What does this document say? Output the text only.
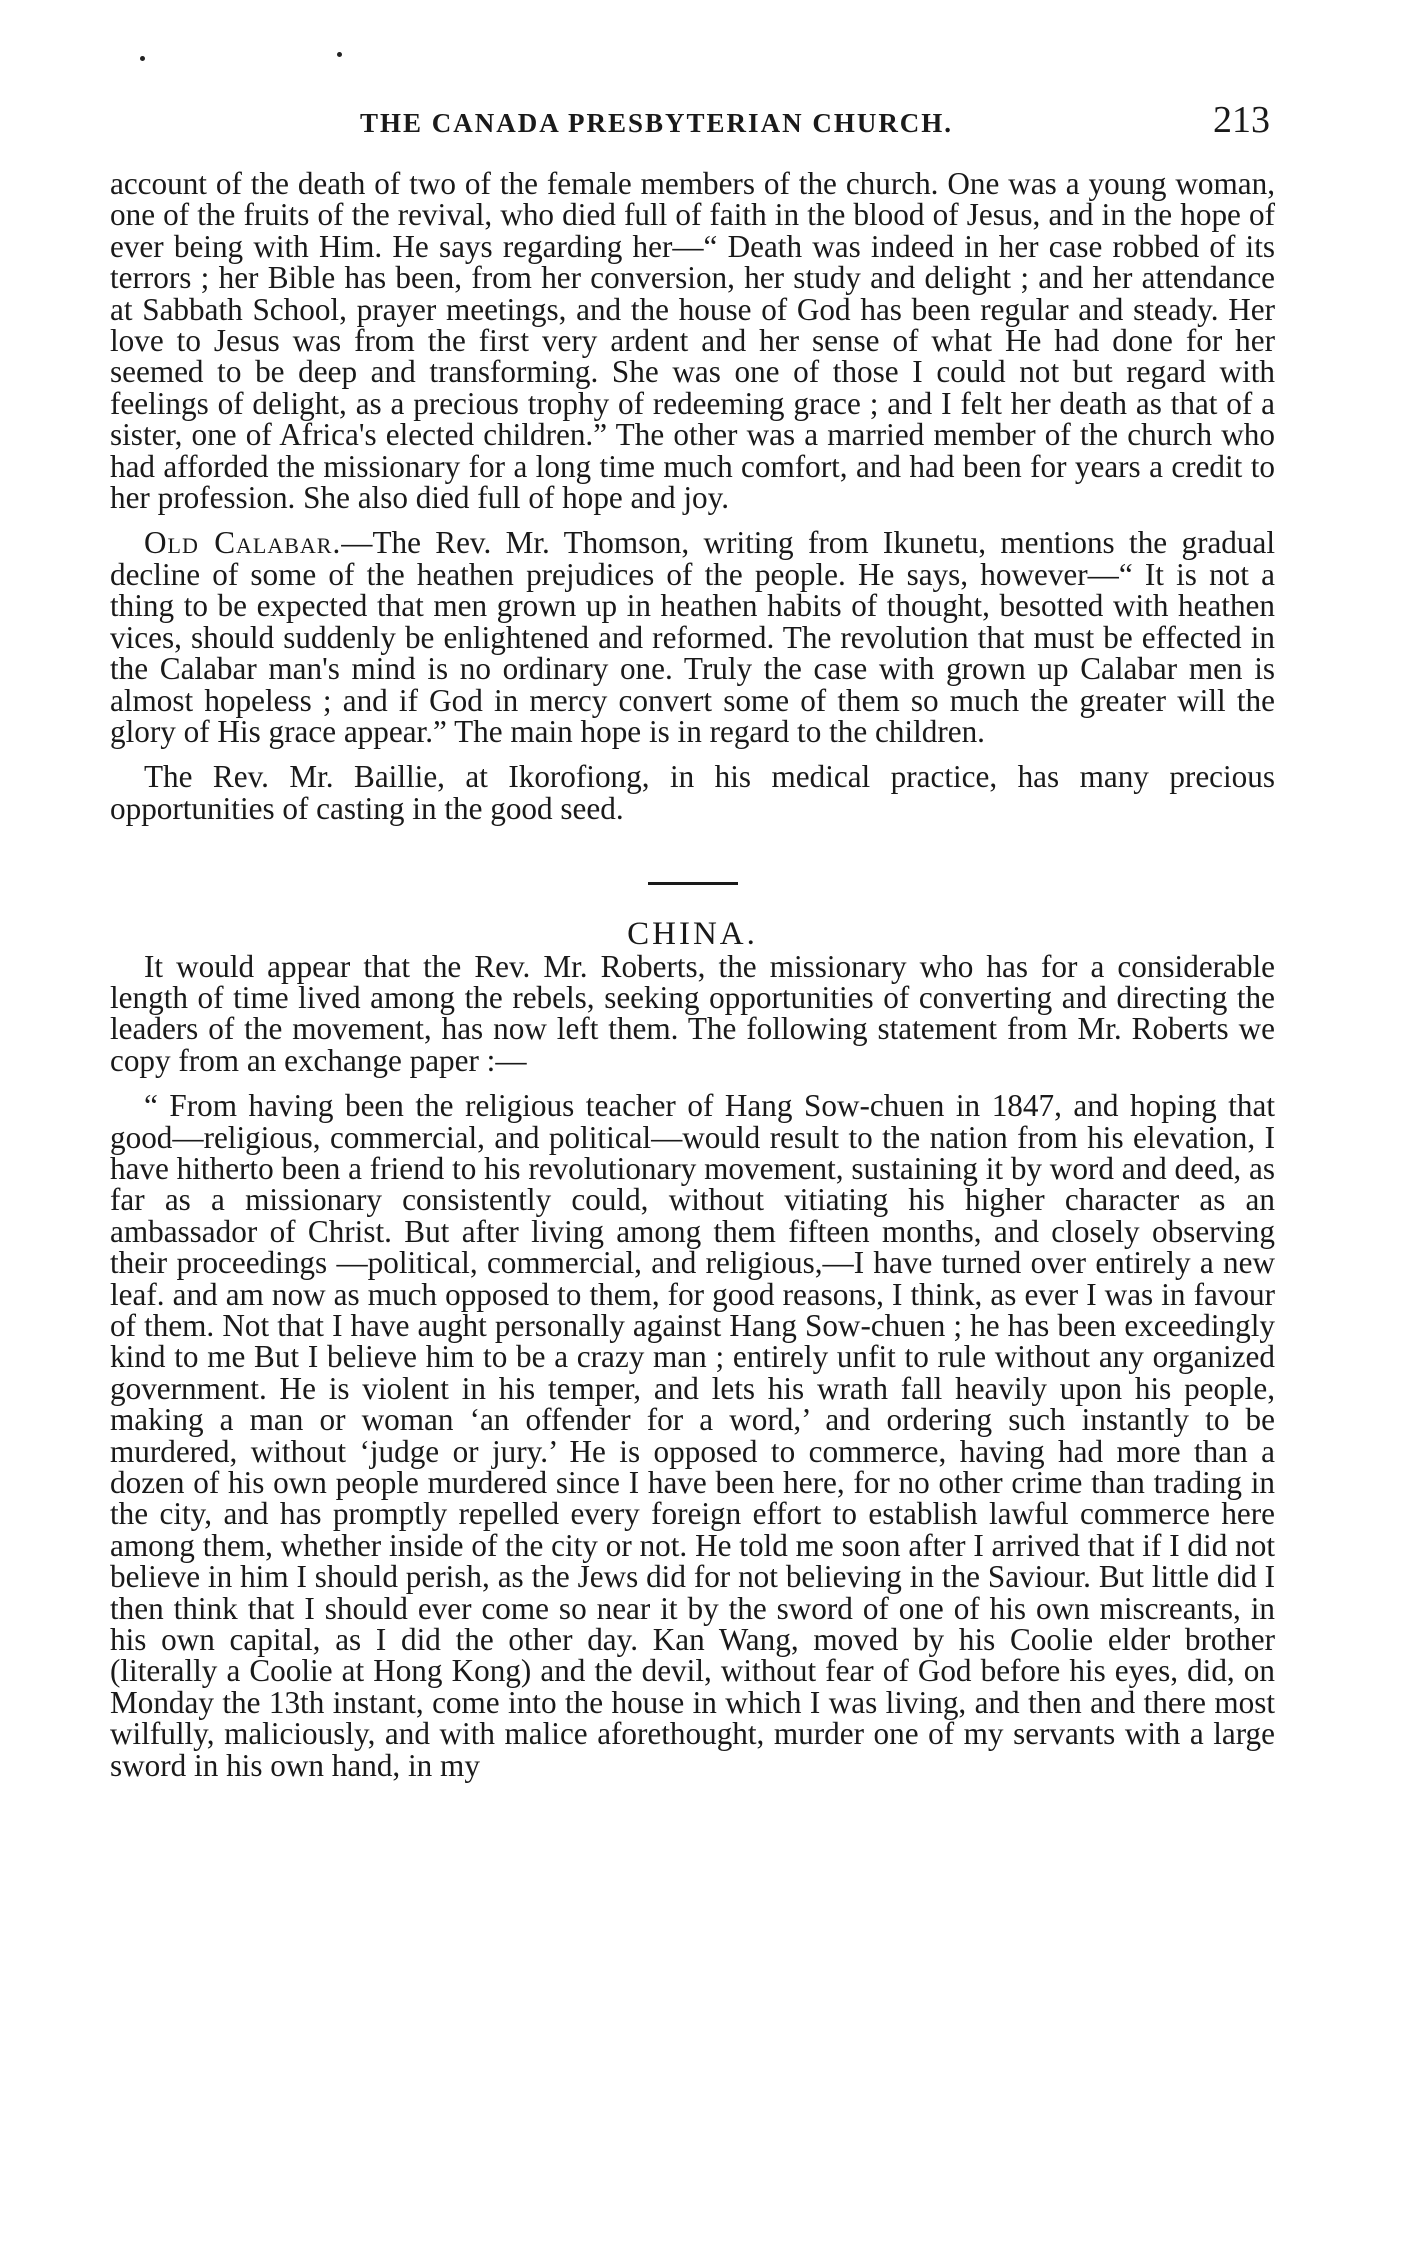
THE CANADA PRESBYTERIAN CHURCH.	213

account of the death of two of the female members of the church. One was a young woman, one of the fruits of the revival, who died full of faith in the blood of Jesus, and in the hope of ever being with Him. He says regarding her—“ Death was indeed in her case robbed of its terrors ; her Bible has been, from her conversion, her study and delight ; and her attendance at Sabbath School, prayer meetings, and the house of God has been regular and steady. Her love to Jesus was from the first very ardent and her sense of what He had done for her seemed to be deep and transforming. She was one of those I could not but regard with feelings of delight, as a precious trophy of redeeming grace ; and I felt her death as that of a sister, one of Africa's elected children.” The other was a married member of the church who had afforded the missionary for a long time much comfort, and had been for years a credit to her profession. She also died full of hope and joy.

Old Calabar.—The Rev. Mr. Thomson, writing from Ikunetu, mentions the gradual decline of some of the heathen prejudices of the people. He says, however—“ It is not a thing to be expected that men grown up in heathen habits of thought, besotted with heathen vices, should suddenly be enlightened and reformed. The revolution that must be effected in the Calabar man's mind is no ordinary one. Truly the case with grown up Calabar men is almost hopeless ; and if God in mercy convert some of them so much the greater will the glory of His grace appear.” The main hope is in regard to the children.

The Rev. Mr. Baillie, at Ikorofiong, in his medical practice, has many precious opportunities of casting in the good seed.

CHINA.

It would appear that the Rev. Mr. Roberts, the missionary who has for a considerable length of time lived among the rebels, seeking opportunities of converting and directing the leaders of the movement, has now left them. The following statement from Mr. Roberts we copy from an exchange paper :—

“ From having been the religious teacher of Hang Sow-chuen in 1847, and hoping that good—religious, commercial, and political—would result to the nation from his elevation, I have hitherto been a friend to his revolutionary movement, sustaining it by word and deed, as far as a missionary consistently could, without vitiating his higher character as an ambassador of Christ. But after living among them fifteen months, and closely observing their proceedings —political, commercial, and religious,—I have turned over entirely a new leaf. and am now as much opposed to them, for good reasons, I think, as ever I was in favour of them. Not that I have aught personally against Hang Sow-chuen ; he has been exceedingly kind to me But I believe him to be a crazy man ; entirely unfit to rule without any organized government. He is violent in his temper, and lets his wrath fall heavily upon his people, making a man or woman ‘an offender for a word,’ and ordering such instantly to be murdered, without ‘judge or jury.’ He is opposed to commerce, having had more than a dozen of his own people murdered since I have been here, for no other crime than trading in the city, and has promptly repelled every foreign effort to establish lawful commerce here among them, whether inside of the city or not. He told me soon after I arrived that if I did not believe in him I should perish, as the Jews did for not believing in the Saviour. But little did I then think that I should ever come so near it by the sword of one of his own miscreants, in his own capital, as I did the other day. Kan Wang, moved by his Coolie elder brother (literally a Coolie at Hong Kong) and the devil, without fear of God before his eyes, did, on Monday the 13th instant, come into the house in which I was living, and then and there most wilfully, maliciously, and with malice aforethought, murder one of my servants with a large sword in his own hand, in my
